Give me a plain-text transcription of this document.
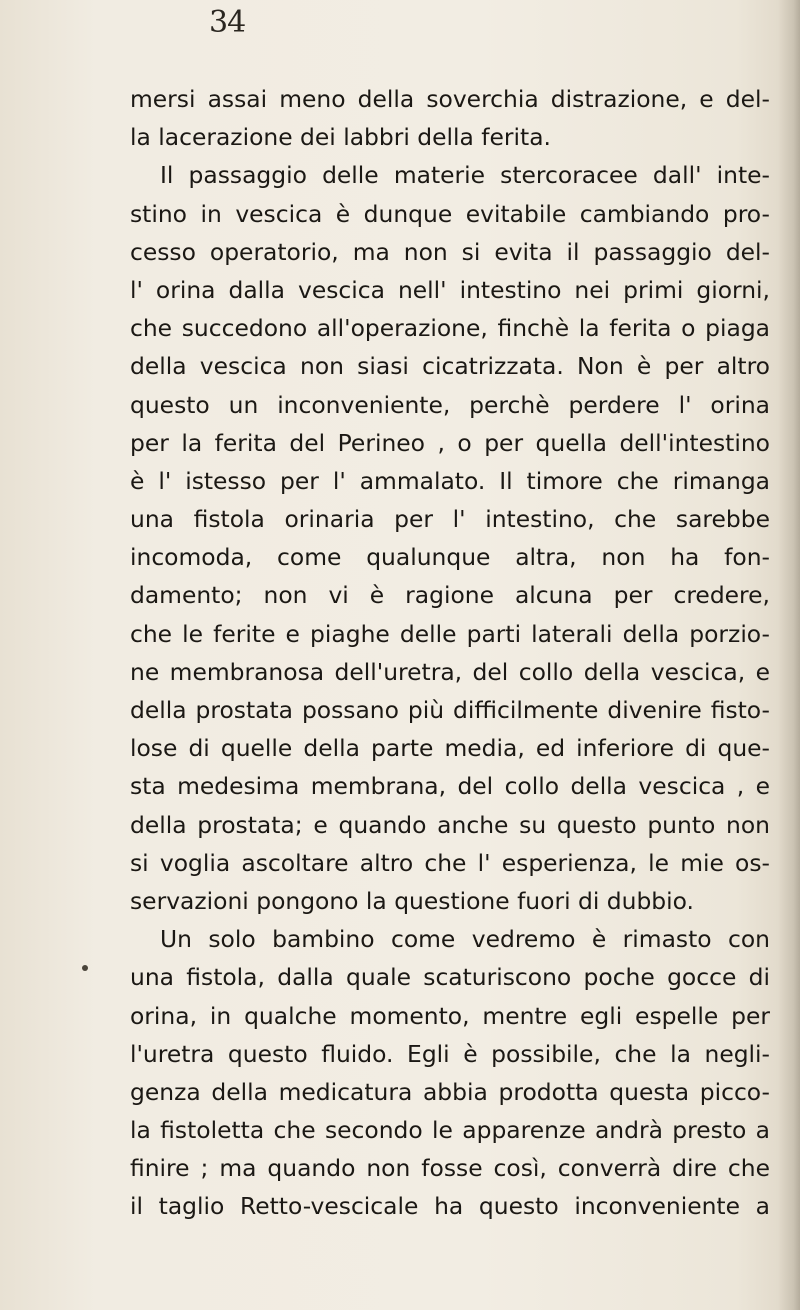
34

mersi assai meno della soverchia distrazione, e del-
la lacerazione dei labbri della ferita.
Il passaggio delle materie stercoracee dall' inte-
stino in vescica è dunque evitabile cambiando pro-
cesso operatorio, ma non si evita il passaggio del-
l' orina dalla vescica nell' intestino nei primi giorni,
che succedono all'operazione, finchè la ferita o piaga
della vescica non siasi cicatrizzata. Non è per altro
questo un inconveniente, perchè perdere l' orina
per la ferita del Perineo , o per quella dell'intestino
è l' istesso per l' ammalato. Il timore che rimanga
una fistola orinaria per l' intestino, che sarebbe
incomoda, come qualunque altra, non ha fon-
damento; non vi è ragione alcuna per credere,
che le ferite e piaghe delle parti laterali della porzio-
ne membranosa dell'uretra, del collo della vescica, e
della prostata possano più difficilmente divenire fisto-
lose di quelle della parte media, ed inferiore di que-
sta medesima membrana, del collo della vescica , e
della prostata; e quando anche su questo punto non
si voglia ascoltare altro che l' esperienza, le mie os-
servazioni pongono la questione fuori di dubbio.
Un solo bambino come vedremo è rimasto con
una fistola, dalla quale scaturiscono poche gocce di
orina, in qualche momento, mentre egli espelle per
l'uretra questo fluido. Egli è possibile, che la negli-
genza della medicatura abbia prodotta questa picco-
la fistoletta che secondo le apparenze andrà presto a
finire ; ma quando non fosse così, converrà dire che
il taglio Retto-vescicale ha questo inconveniente a
